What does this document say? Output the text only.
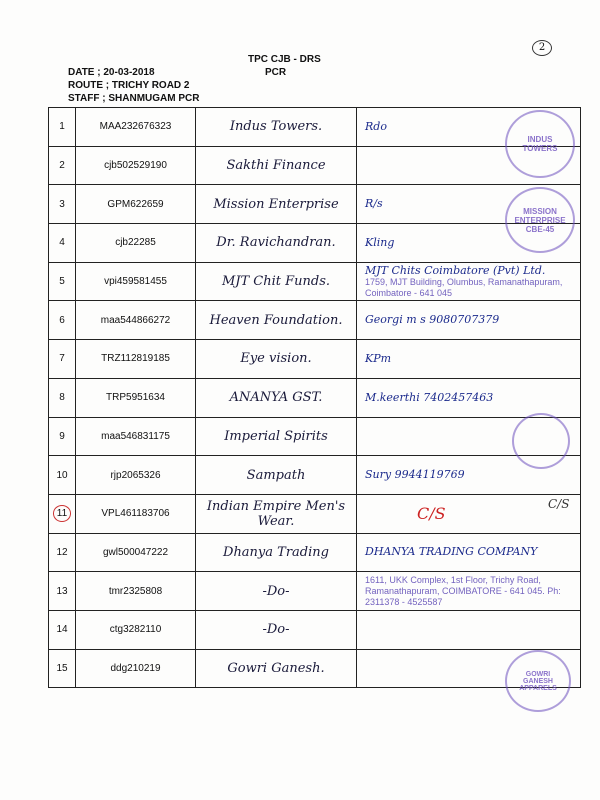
2
TPC CJB - DRS
PCR
DATE ; 20-03-2018
ROUTE ; TRICHY ROAD 2
STAFF ; SHANMUGAM PCR
1	MAA232676323	Indus Towers.	Rdo
2	cjb502529190	Sakthi Finance	
3	GPM622659	Mission Enterprise	R/s
4	cjb22285	Dr. Ravichandran.	Kling
5	vpi459581455	MJT Chit Funds.	MJT Chits Coimbatore (Pvt) Ltd.
1759, MJT Building, Olumbus, Ramanathapuram, Coimbatore - 641 045

6	maa544866272	Heaven Foundation.	Georgi m s 9080707379
7	TRZ112819185	Eye vision.	KPm
8	TRP5951634	ANANYA GST.	M.keerthi 7402457463
9	maa546831175	Imperial Spirits	
10	rjp2065326	Sampath	Sury 9944119769
11	VPL461183706	Indian Empire Men's Wear.	C/S
12	gwl500047222	Dhanya Trading	DHANYA TRADING COMPANY
13	tmr2325808	-Do-	1611, UKK Complex, 1st Floor, Trichy Road, Ramanathapuram, COIMBATORE - 641 045. Ph: 2311378 - 4525587

14	ctg3282110	-Do-	
15	ddg210219	Gowri Ganesh.	
C/S
INDUS TOWERS
MISSION ENTERPRISE CBE-45
GOWRI GANESH APPARELS
